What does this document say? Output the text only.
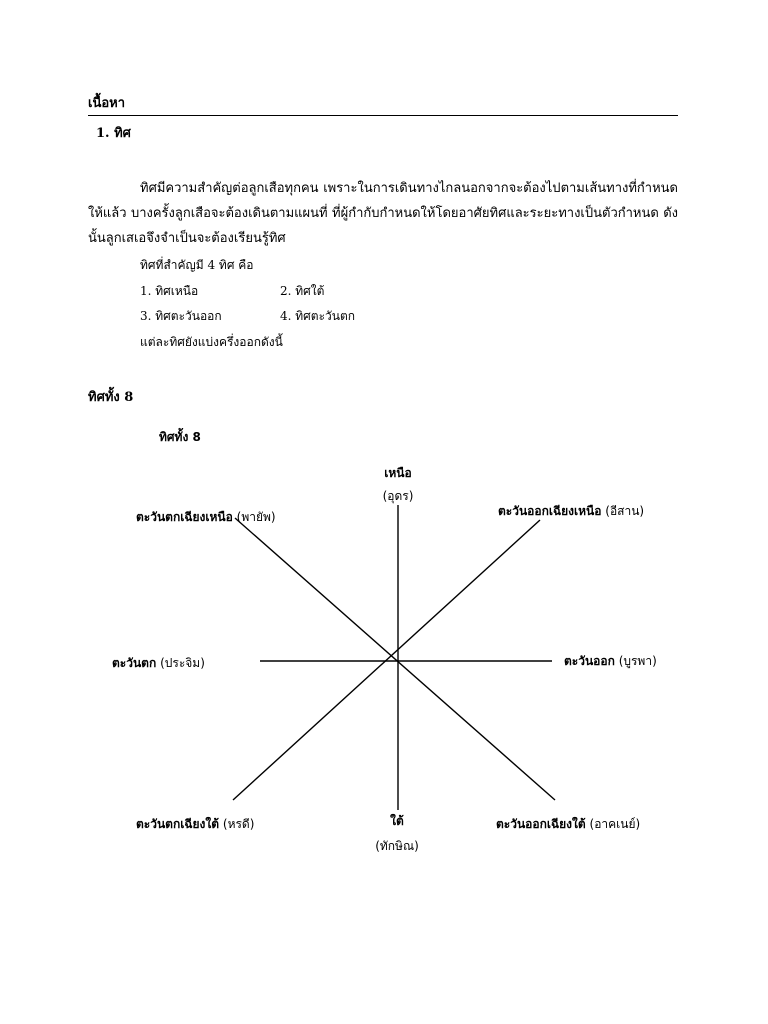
เนื้อหา
1. ทิศ
ทิศมีความสำคัญต่อลูกเสือทุกคน เพราะในการเดินทางไกลนอกจากจะต้องไปตามเส้นทางที่กำหนดให้แล้ว บางครั้งลูกเสือจะต้องเดินตามแผนที่ ที่ผู้กำกับกำหนดให้โดยอาศัยทิศและระยะทางเป็นตัวกำหนด ดังนั้นลูกเสเอจึงจำเป็นจะต้องเรียนรู้ทิศ
ทิศที่สำคัญมี 4 ทิศ คือ
1. ทิศเหนือ	2. ทิศใต้
3. ทิศตะวันออก	4. ทิศตะวันตก
แต่ละทิศยังแบ่งครึ่งออกดังนี้
ทิศทั้ง 8
ทิศทั้ง 8
เหนือ
(อุดร)
ตะวันตกเฉียงเหนือ (พายัพ)	ตะวันออกเฉียงเหนือ (อีสาน)
ตะวันตก (ประจิม)	ตะวันออก (บูรพา)
ตะวันตกเฉียงใต้ (หรดี)	ใต้
(ทักษิณ)
ตะวันออกเฉียงใต้ (อาคเนย์)
